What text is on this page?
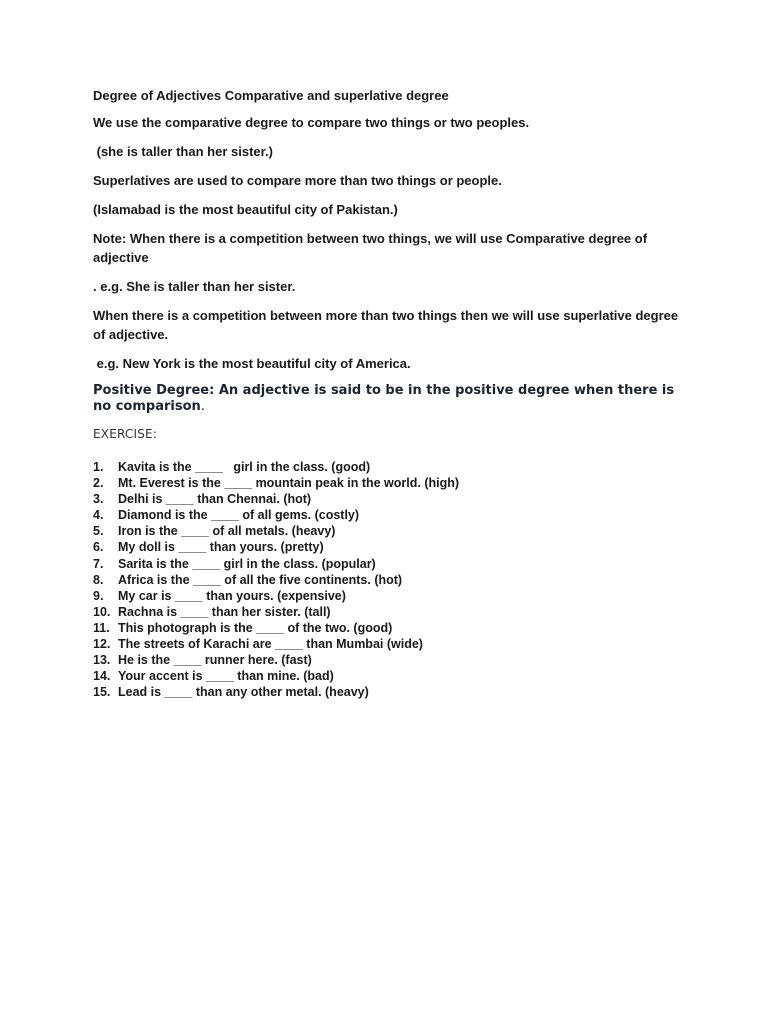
Degree of Adjectives Comparative and superlative degree

We use the comparative degree to compare two things or two peoples.

(she is taller than her sister.)

Superlatives are used to compare more than two things or people.

(Islamabad is the most beautiful city of Pakistan.)

Note: When there is a competition between two things, we will use Comparative degree of adjective

. e.g. She is taller than her sister.

When there is a competition between more than two things then we will use superlative degree of adjective.

e.g. New York is the most beautiful city of America.

Positive Degree: An adjective is said to be in the positive degree when there is no comparison.

EXERCISE:

1.	Kavita is the ____   girl in the class. (good)
2.	Mt. Everest is the ____ mountain peak in the world. (high)
3.	Delhi is ____ than Chennai. (hot)
4.	Diamond is the ____ of all gems. (costly)
5.	Iron is the ____ of all metals. (heavy)
6.	My doll is ____ than yours. (pretty)
7.	Sarita is the ____ girl in the class. (popular)
8.	Africa is the ____ of all the five continents. (hot)
9.	My car is ____ than yours. (expensive)
10. Rachna is ____ than her sister. (tall)
11. This photograph is the ____ of the two. (good)
12. The streets of Karachi are ____ than Mumbai (wide)
13. He is the ____ runner here. (fast)
14. Your accent is ____ than mine. (bad)
15. Lead is ____ than any other metal. (heavy)
